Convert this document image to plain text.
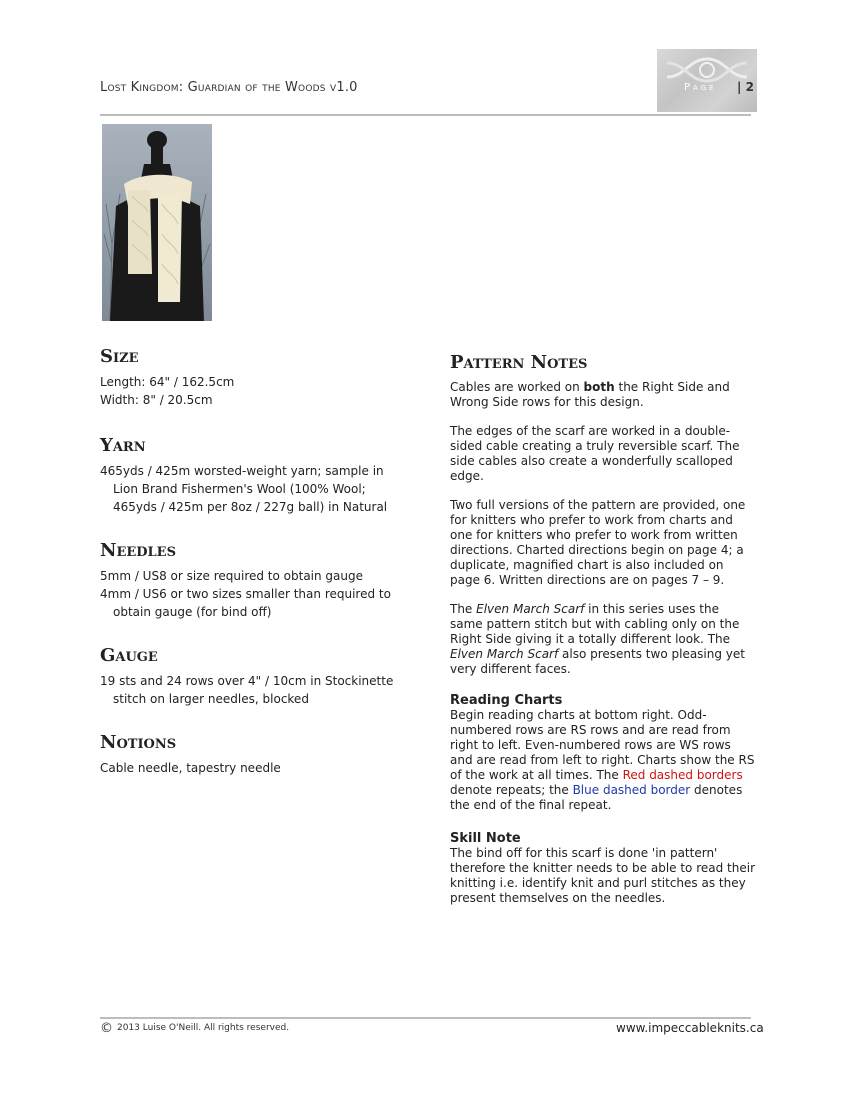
Lost Kingdom: Guardian of the Woods v1.0	Page | 2
Size
Length: 64" / 162.5cm
Width: 8" / 20.5cm
Yarn
465yds / 425m worsted-weight yarn; sample in Lion Brand Fishermen's Wool (100% Wool; 465yds / 425m per 8oz / 227g ball) in Natural
Needles
5mm / US8 or size required to obtain gauge
4mm / US6 or two sizes smaller than required to obtain gauge (for bind off)
Gauge
19 sts and 24 rows over 4" / 10cm in Stockinette stitch on larger needles, blocked
Notions
Cable needle, tapestry needle
Pattern Notes

Cables are worked on both the Right Side and Wrong Side rows for this design.

The edges of the scarf are worked in a double-sided cable creating a truly reversible scarf. The side cables also create a wonderfully scalloped edge.

Two full versions of the pattern are provided, one for knitters who prefer to work from charts and one for knitters who prefer to work from written directions. Charted directions begin on page 4; a duplicate, magnified chart is also included on page 6. Written directions are on pages 7 – 9.

The Elven March Scarf in this series uses the same pattern stitch but with cabling only on the Right Side giving it a totally different look. The Elven March Scarf also presents two pleasing yet very different faces.

Reading Charts

Begin reading charts at bottom right. Odd-numbered rows are RS rows and are read from right to left. Even-numbered rows are WS rows and are read from left to right. Charts show the RS of the work at all times. The Red dashed borders denote repeats; the Blue dashed border denotes the end of the final repeat.

Skill Note

The bind off for this scarf is done 'in pattern' therefore the knitter needs to be able to read their knitting i.e. identify knit and purl stitches as they present themselves on the needles.

© 2013 Luise O'Neill. All rights reserved.	www.impeccableknits.ca
